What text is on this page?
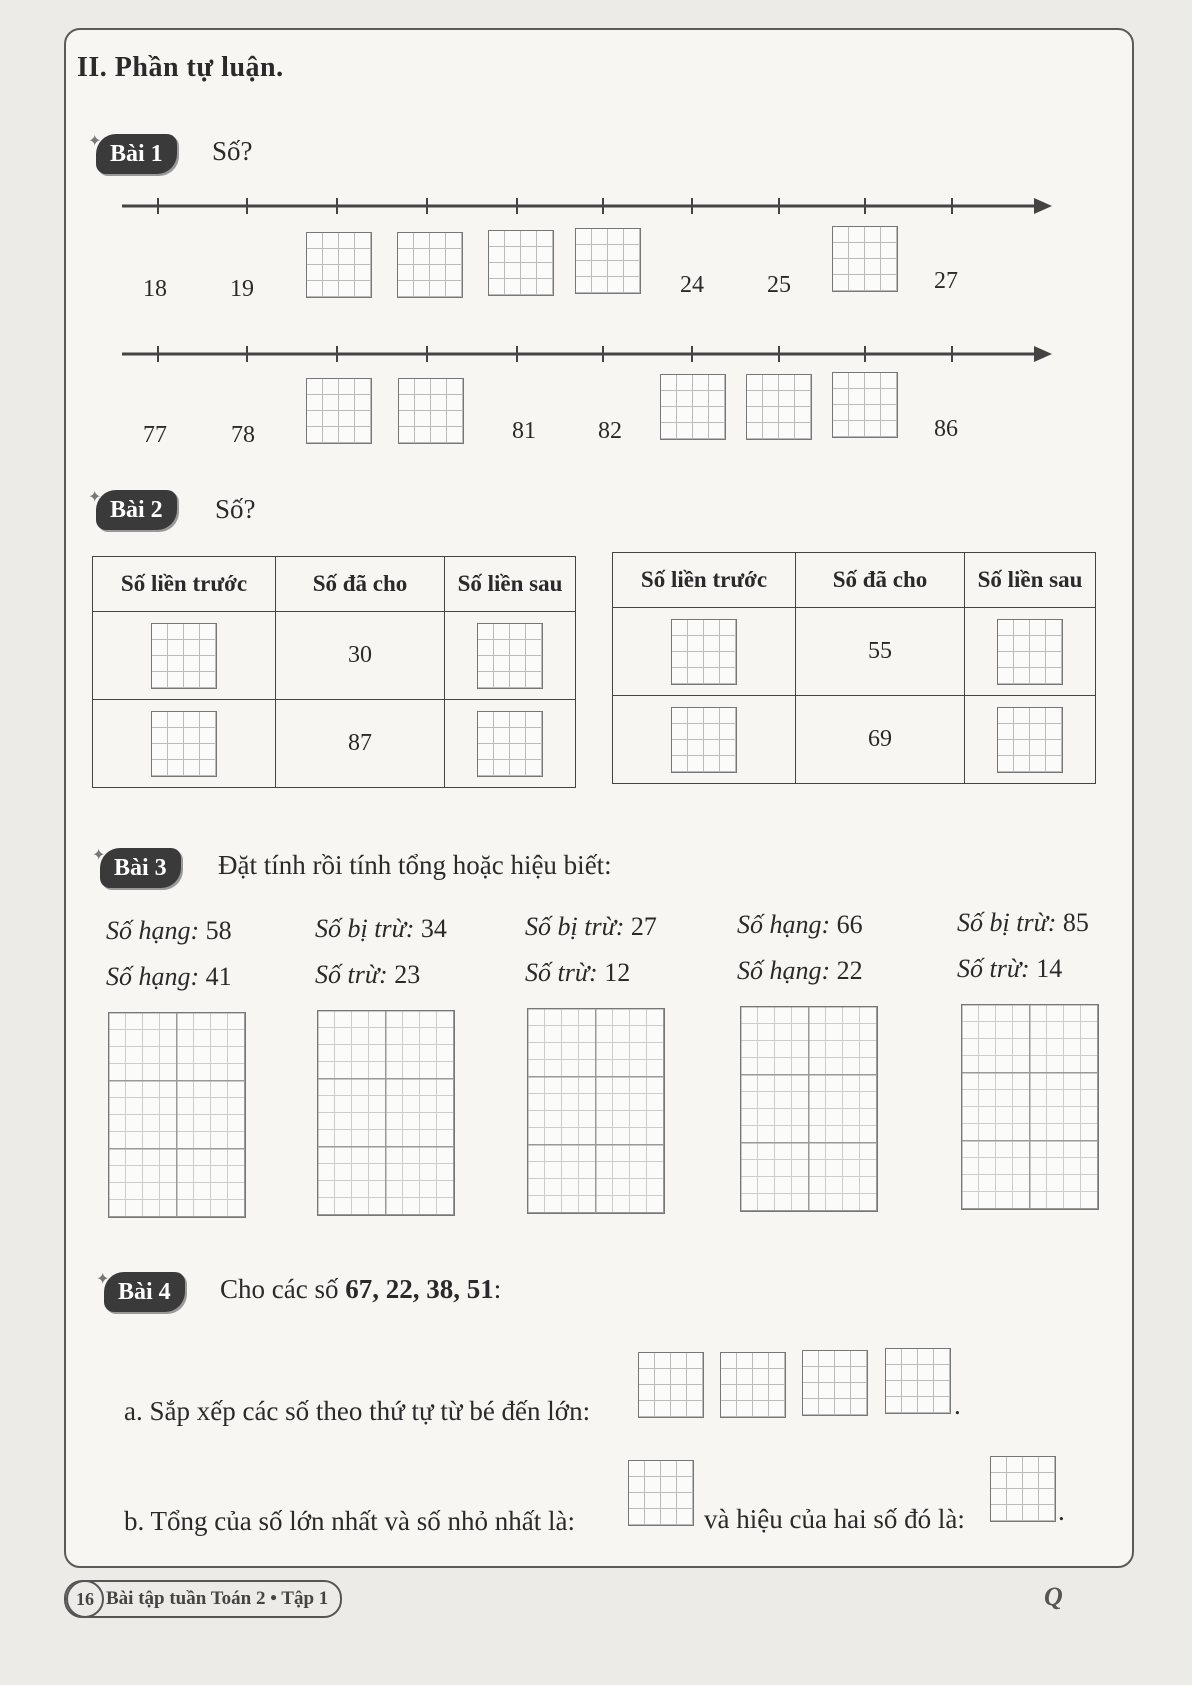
II. Phần tự luận.
✦ Bài 1	Số?
18	19	24	25	27
77	78	81	82	86
✦ Bài 2	Số?
Số liền trước	Số đã cho	Số liền sau
	30	
	87	
Số liền trước	Số đã cho	Số liền sau
	55	
	69	
✦ Bài 3	Đặt tính rồi tính tổng hoặc hiệu biết:
Số hạng: 58
Số hạng: 41
Số bị trừ: 34
Số trừ: 23
Số bị trừ: 27
Số trừ: 12
Số hạng: 66
Số hạng: 22
Số bị trừ: 85
Số trừ: 14
✦ Bài 4	Cho các số 67, 22, 38, 51:
a. Sắp xếp các số theo thứ tự từ bé đến lớn:	.
b. Tổng của số lớn nhất và số nhỏ nhất là:	và hiệu của hai số đó là:	.
16 Bài tập tuần Toán 2 • Tập 1	Q
